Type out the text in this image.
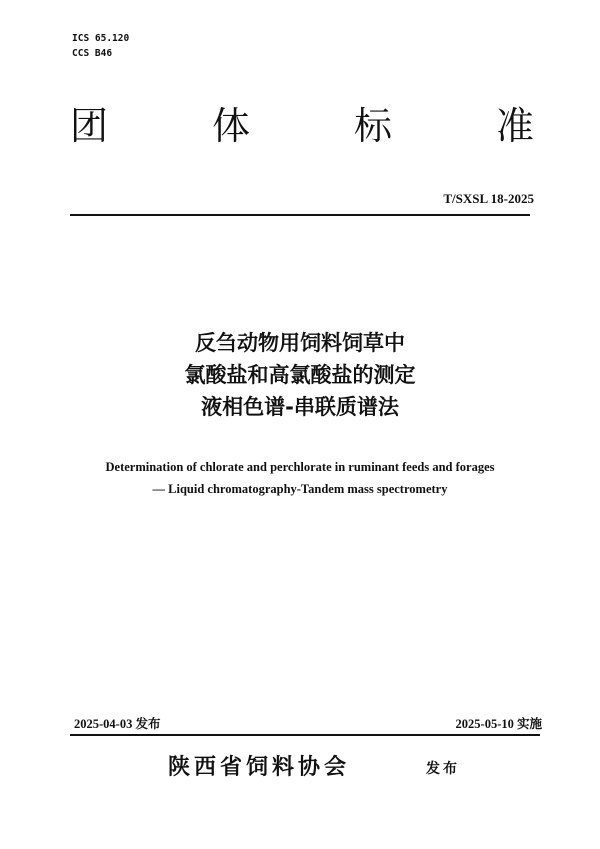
ICS 65.120
CCS B46
团	体	标	准
T/SXSL 18-2025
反刍动物用饲料饲草中
氯酸盐和高氯酸盐的测定
液相色谱-串联质谱法
Determination of chlorate and perchlorate in ruminant feeds and forages
— Liquid chromatography-Tandem mass spectrometry
2025-04-03 发布	2025-05-10 实施
陕西省饲料协会	发布
